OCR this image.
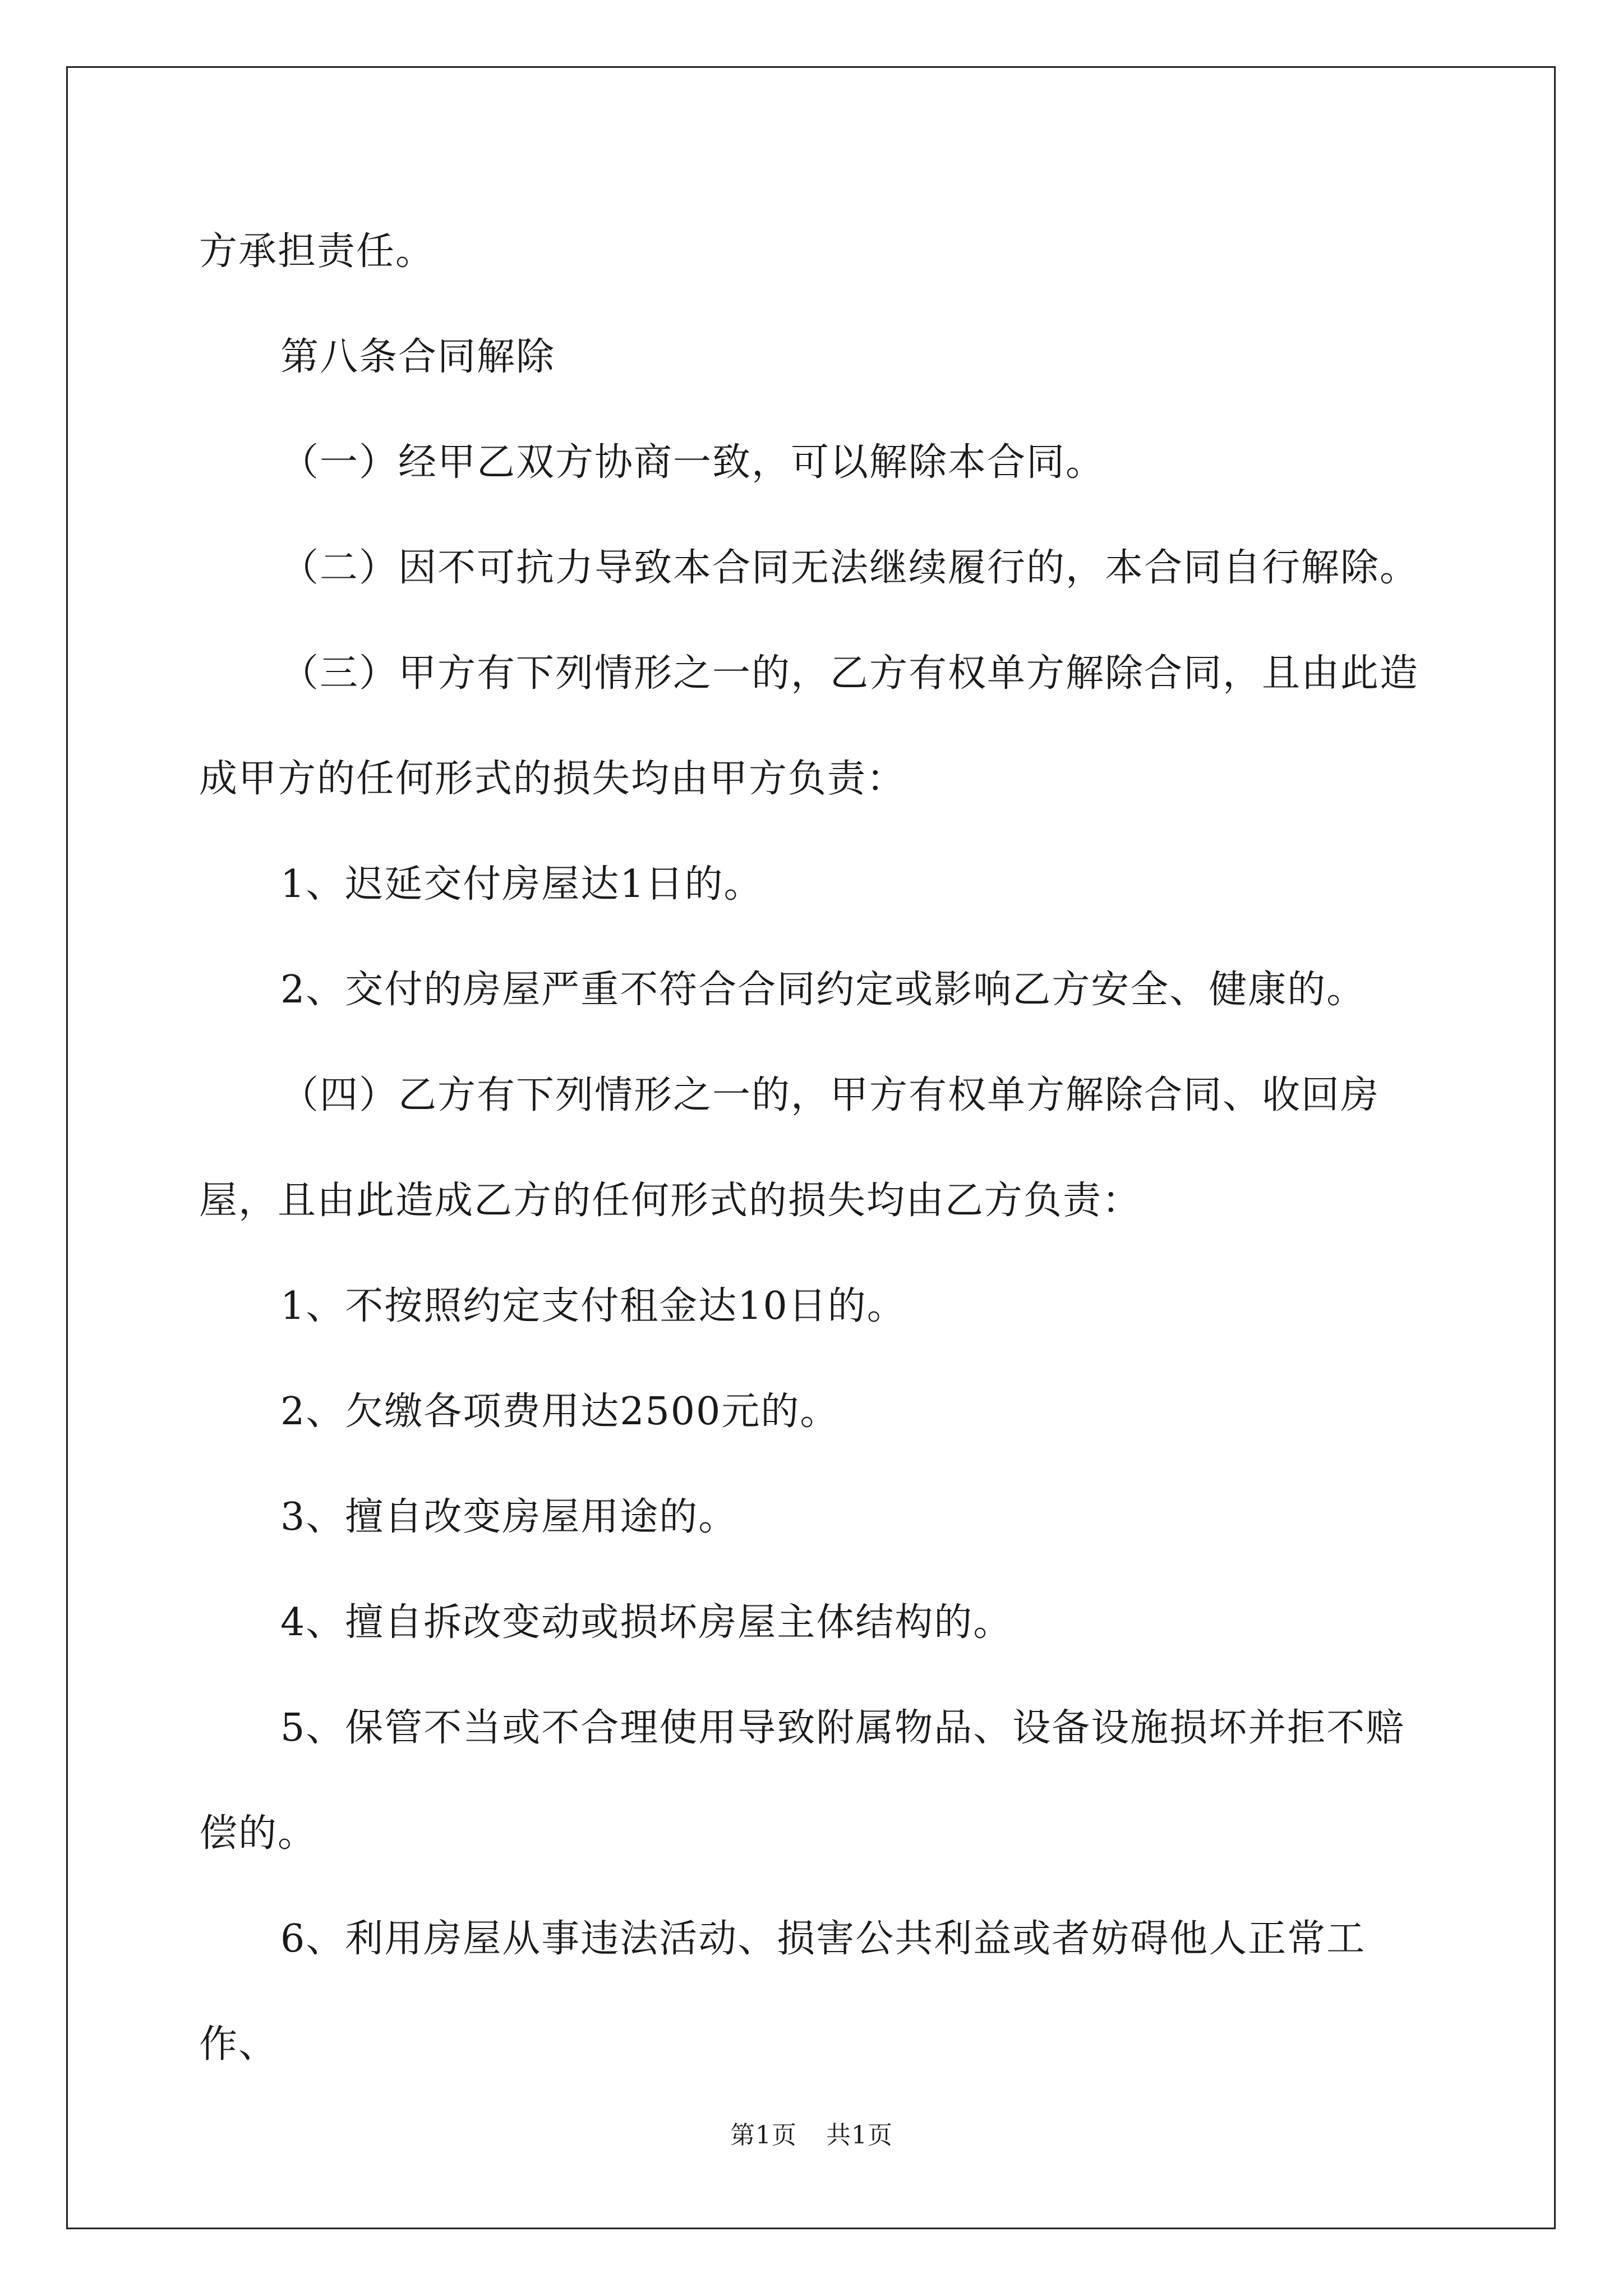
方承担责任。

第八条合同解除

（一）经甲乙双方协商一致，可以解除本合同。

（二）因不可抗力导致本合同无法继续履行的，本合同自行解除。

（三）甲方有下列情形之一的，乙方有权单方解除合同，且由此造成甲方的任何形式的损失均由甲方负责：

1、迟延交付房屋达1日的。

2、交付的房屋严重不符合合同约定或影响乙方安全、健康的。

（四）乙方有下列情形之一的，甲方有权单方解除合同、收回房屋，且由此造成乙方的任何形式的损失均由乙方负责：

1、不按照约定支付租金达10日的。

2、欠缴各项费用达2500元的。

3、擅自改变房屋用途的。

4、擅自拆改变动或损坏房屋主体结构的。

5、保管不当或不合理使用导致附属物品、设备设施损坏并拒不赔偿的。

6、利用房屋从事违法活动、损害公共利益或者妨碍他人正常工作、

第1页 共1页
